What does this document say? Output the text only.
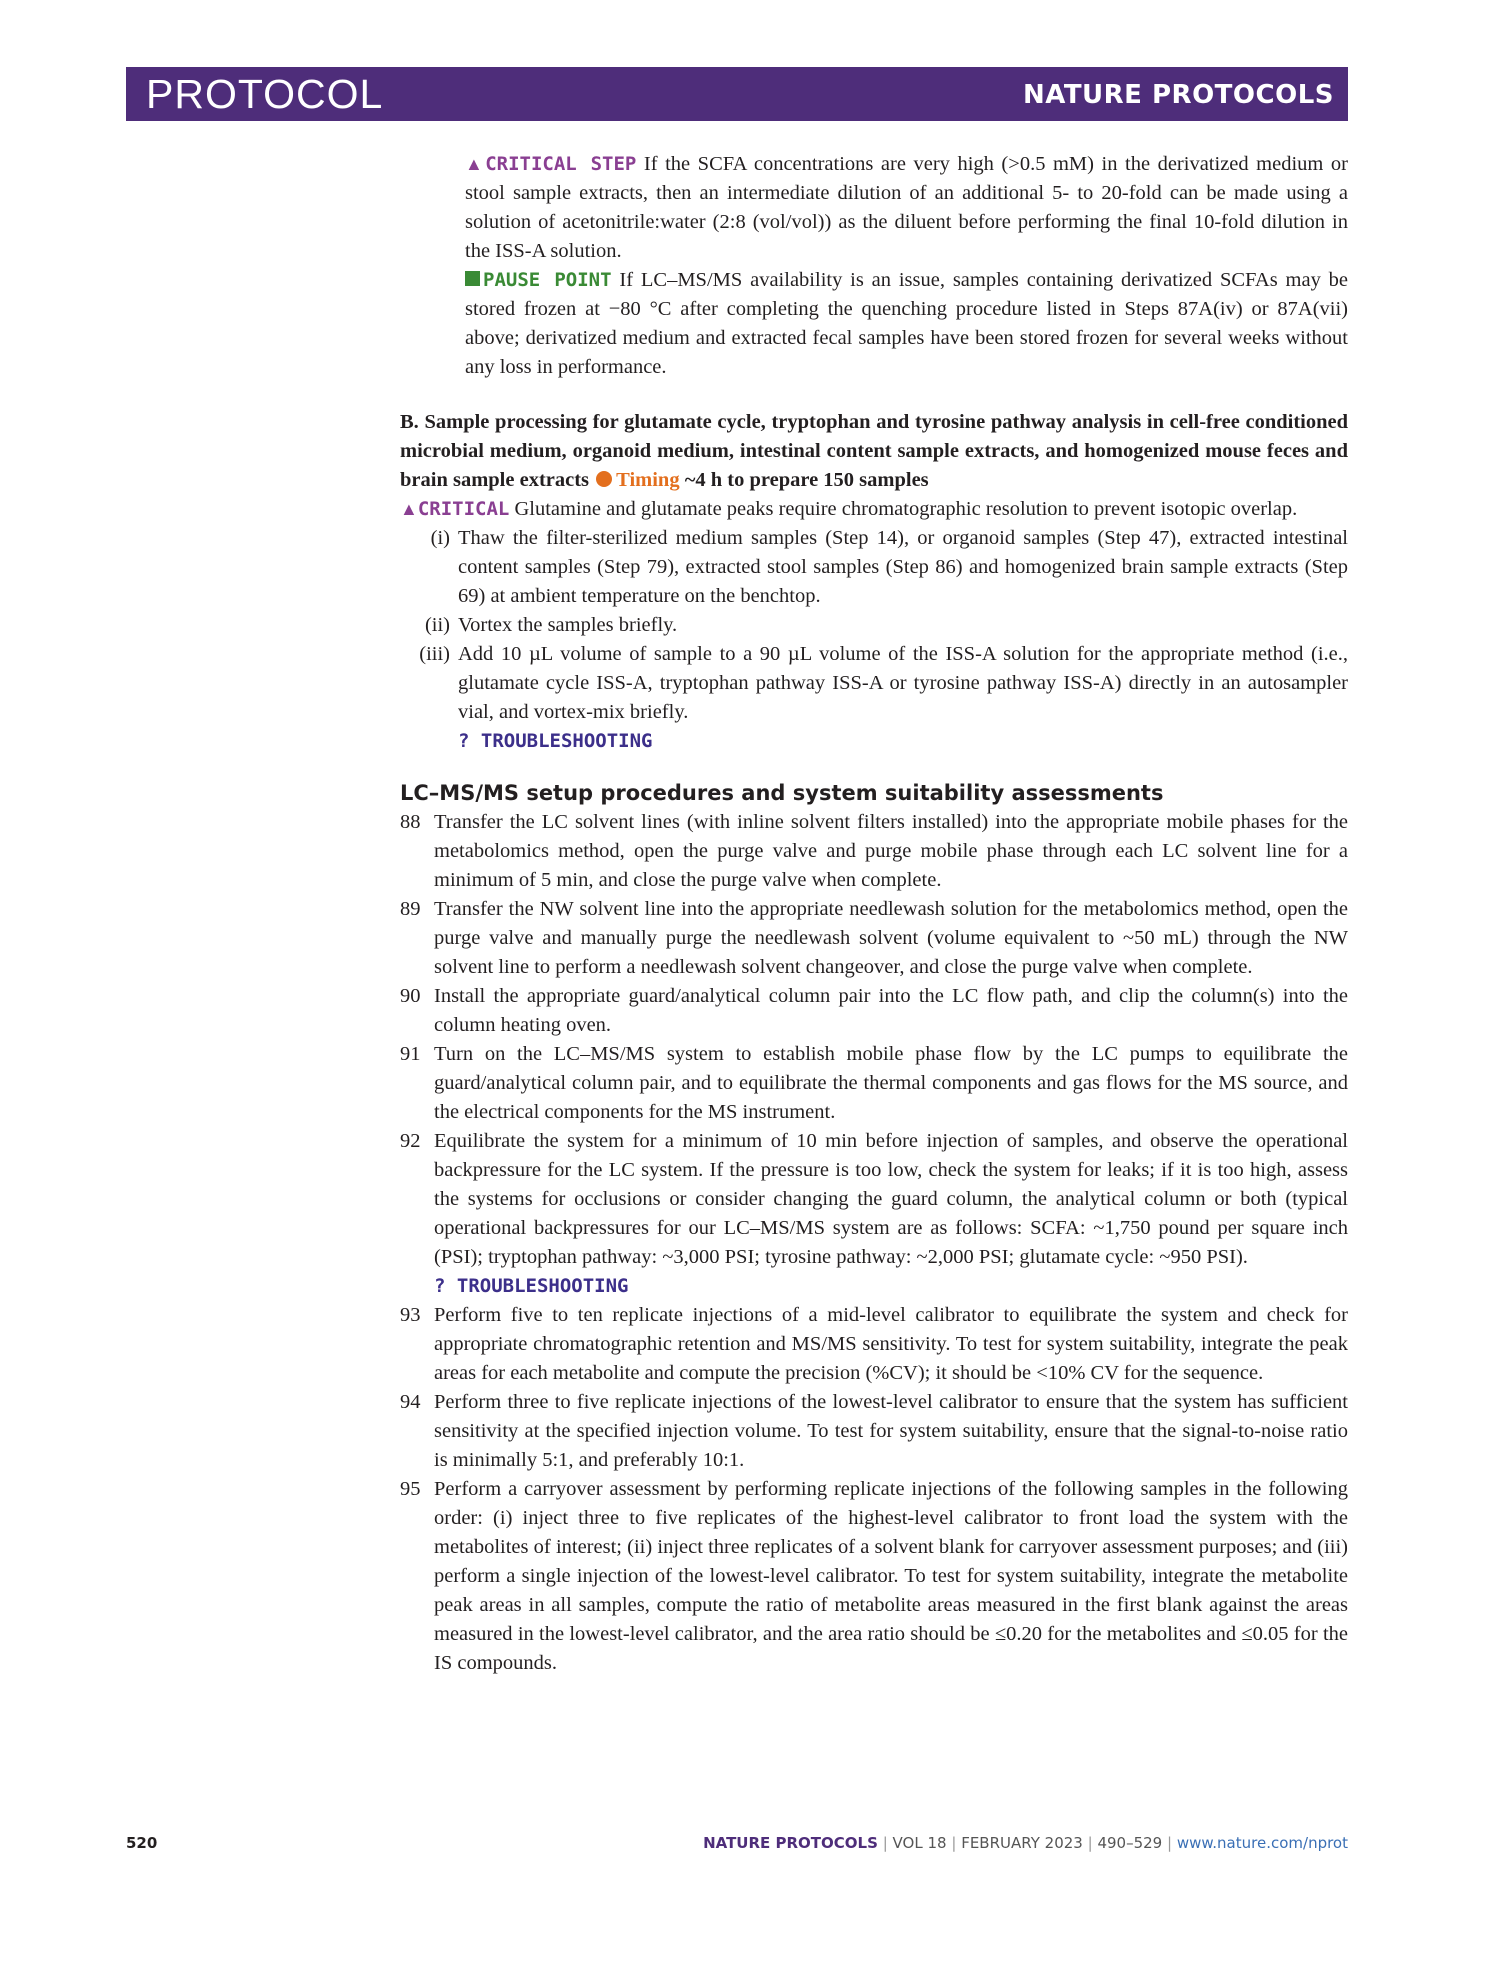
PROTOCOL	NATURE PROTOCOLS

▲CRITICAL STEP If the SCFA concentrations are very high (>0.5 mM) in the derivatized medium or stool sample extracts, then an intermediate dilution of an additional 5- to 20-fold can be made using a solution of acetonitrile:water (2:8 (vol/vol)) as the diluent before performing the final 10-fold dilution in the ISS-A solution.

PAUSE POINT If LC–MS/MS availability is an issue, samples containing derivatized SCFAs may be stored frozen at −80 °C after completing the quenching procedure listed in Steps 87A(iv) or 87A(vii) above; derivatized medium and extracted fecal samples have been stored frozen for several weeks without any loss in performance.

B. Sample processing for glutamate cycle, tryptophan and tyrosine pathway analysis in cell-free conditioned microbial medium, organoid medium, intestinal content sample extracts, and homogenized mouse feces and brain sample extracts Timing ~4 h to prepare 150 samples

▲CRITICAL Glutamine and glutamate peaks require chromatographic resolution to prevent isotopic overlap.

(i) Thaw the filter-sterilized medium samples (Step 14), or organoid samples (Step 47), extracted intestinal content samples (Step 79), extracted stool samples (Step 86) and homogenized brain sample extracts (Step 69) at ambient temperature on the benchtop.
(ii) Vortex the samples briefly.
(iii) Add 10 µL volume of sample to a 90 µL volume of the ISS-A solution for the appropriate method (i.e., glutamate cycle ISS-A, tryptophan pathway ISS-A or tyrosine pathway ISS-A) directly in an autosampler vial, and vortex-mix briefly.
? TROUBLESHOOTING
LC–MS/MS setup procedures and system suitability assessments
88 Transfer the LC solvent lines (with inline solvent filters installed) into the appropriate mobile phases for the metabolomics method, open the purge valve and purge mobile phase through each LC solvent line for a minimum of 5 min, and close the purge valve when complete.
89 Transfer the NW solvent line into the appropriate needlewash solution for the metabolomics method, open the purge valve and manually purge the needlewash solvent (volume equivalent to ~50 mL) through the NW solvent line to perform a needlewash solvent changeover, and close the purge valve when complete.
90 Install the appropriate guard/analytical column pair into the LC flow path, and clip the column(s) into the column heating oven.
91 Turn on the LC–MS/MS system to establish mobile phase flow by the LC pumps to equilibrate the guard/analytical column pair, and to equilibrate the thermal components and gas flows for the MS source, and the electrical components for the MS instrument.
92 Equilibrate the system for a minimum of 10 min before injection of samples, and observe the operational backpressure for the LC system. If the pressure is too low, check the system for leaks; if it is too high, assess the systems for occlusions or consider changing the guard column, the analytical column or both (typical operational backpressures for our LC–MS/MS system are as follows: SCFA: ~1,750 pound per square inch (PSI); tryptophan pathway: ~3,000 PSI; tyrosine pathway: ~2,000 PSI; glutamate cycle: ~950 PSI).
? TROUBLESHOOTING
93 Perform five to ten replicate injections of a mid-level calibrator to equilibrate the system and check for appropriate chromatographic retention and MS/MS sensitivity. To test for system suitability, integrate the peak areas for each metabolite and compute the precision (%CV); it should be <10% CV for the sequence.
94 Perform three to five replicate injections of the lowest-level calibrator to ensure that the system has sufficient sensitivity at the specified injection volume. To test for system suitability, ensure that the signal-to-noise ratio is minimally 5:1, and preferably 10:1.
95 Perform a carryover assessment by performing replicate injections of the following samples in the following order: (i) inject three to five replicates of the highest-level calibrator to front load the system with the metabolites of interest; (ii) inject three replicates of a solvent blank for carryover assessment purposes; and (iii) perform a single injection of the lowest-level calibrator. To test for system suitability, integrate the metabolite peak areas in all samples, compute the ratio of metabolite areas measured in the first blank against the areas measured in the lowest-level calibrator, and the area ratio should be ≤0.20 for the metabolites and ≤0.05 for the IS compounds.
520	NATURE PROTOCOLS | VOL 18 | FEBRUARY 2023 | 490–529 | www.nature.com/nprot
